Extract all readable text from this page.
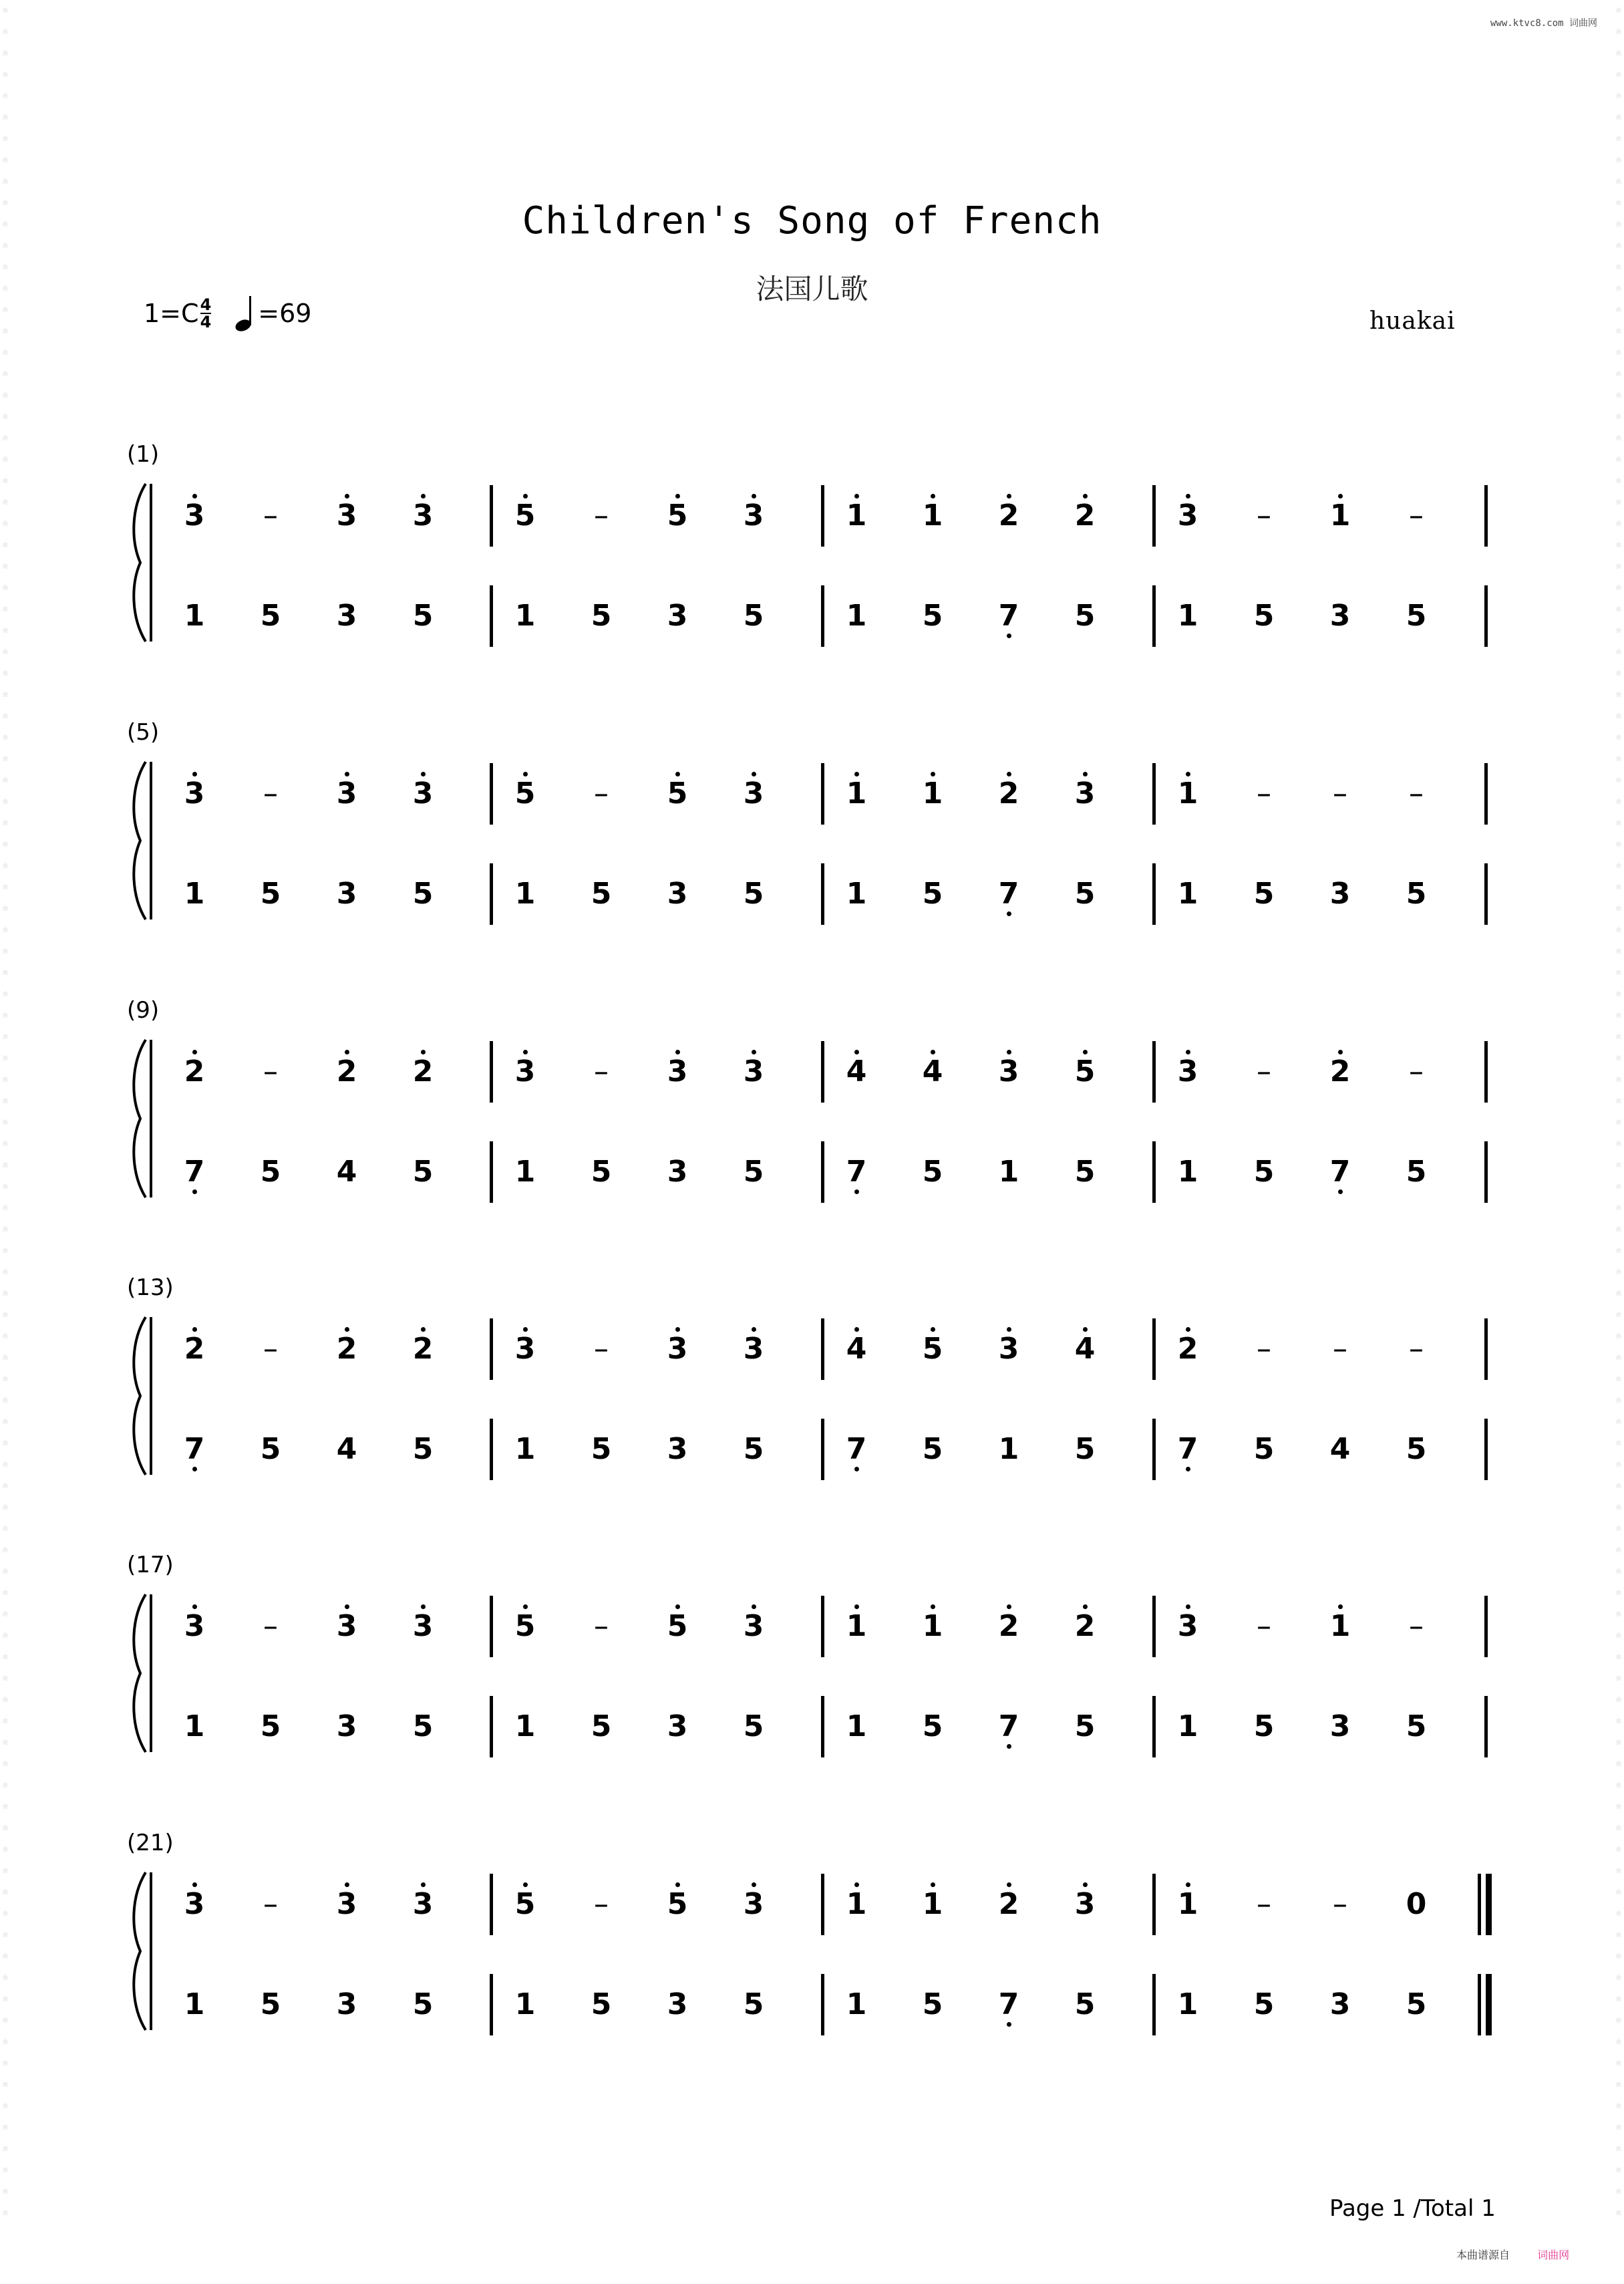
曲
曲
曲
曲
曲
曲
曲
曲
曲
曲
曲
曲
曲
曲
曲
曲
曲
曲
曲
曲
曲
曲
曲
曲
曲
曲
曲
曲
曲
曲
曲
曲
曲
曲
曲
曲
曲
曲
曲
曲
曲
曲
曲
曲
曲
曲
曲
曲
曲
曲
曲
曲
曲
曲
曲
曲
曲
曲
曲
曲
曲
曲
曲
曲
曲
曲
曲
曲
曲
曲
曲
曲
曲
曲
曲
曲
曲
曲
曲
曲
曲
曲
曲
曲
曲
曲
曲
曲
曲
曲
曲
曲
曲
曲
曲
曲
曲
曲
曲
曲
曲
曲
曲
曲
曲
曲
曲
曲
曲
曲
曲
曲
曲
曲
曲
曲
曲
曲
曲
曲
曲
曲
曲
曲
曲
曲
曲
曲
曲
曲
曲
曲
曲
曲
曲
曲
曲
曲
曲
曲
曲
曲
曲
曲
曲
曲
曲
曲
曲
曲
曲
曲
曲
曲
曲
曲
曲
曲
曲
曲
曲
曲
曲
曲
曲
曲
曲
曲
曲
曲
曲
曲
曲
曲
曲
曲
曲
曲
曲
曲
曲
曲
曲
曲
曲
曲
曲
曲
曲
曲
曲
曲
曲
曲
曲
曲
曲
曲
曲
曲
曲
曲
曲
曲
曲
曲
曲
曲
www.ktvc8.com 词曲网
Children's Song of French
法国儿歌
$1=C \frac{4}{4} =69$	huakai
(1)
3	–	3	3	5	–	5	3	1	1	2	2	3	–	1	–
1	5	3	5	1	5	3	5	1	5	7	5	1	5	3	5
(5)
3	–	3	3	5	–	5	3	1	1	2	3	1	–	–	–
1	5	3	5	1	5	3	5	1	5	7	5	1	5	3	5
(9)
2	–	2	2	3	–	3	3	4	4	3	5	3	–	2	–
7	5	4	5	1	5	3	5	7	5	1	5	1	5	7	5
(13)
2	–	2	2	3	–	3	3	4	5	3	4	2	–	–	–
7	5	4	5	1	5	3	5	7	5	1	5	7	5	4	5
(17)
3	–	3	3	5	–	5	3	1	1	2	2	3	–	1	–
1	5	3	5	1	5	3	5	1	5	7	5	1	5	3	5
(21)
3	–	3	3	5	–	5	3	1	1	2	3	1	–	–	0
1	5	3	5	1	5	3	5	1	5	7	5	1	5	3	5
Page 1 /Total 1
本曲谱源自	词曲网
